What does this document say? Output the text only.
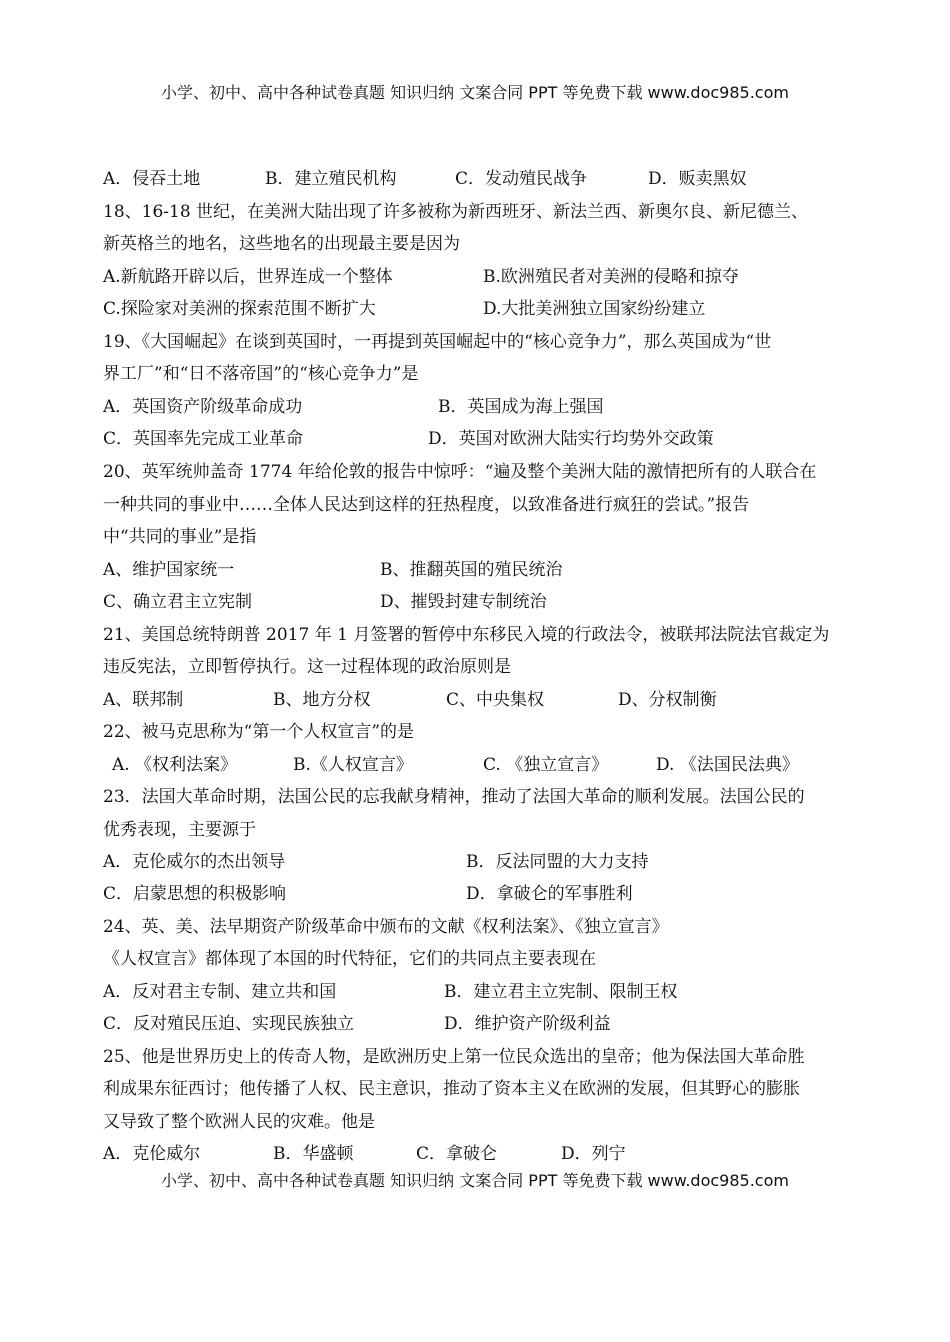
小学、初中、高中各种试卷真题 知识归纳 文案合同 PPT 等免费下载 www.doc985.com
A．侵吞土地	B．建立殖民机构	C．发动殖民战争	D．贩卖黑奴
18、16-18 世纪，在美洲大陆出现了许多被称为新西班牙、新法兰西、新奥尔良、新尼德兰、
新英格兰的地名，这些地名的出现最主要是因为
A.新航路开辟以后，世界连成一个整体	B.欧洲殖民者对美洲的侵略和掠夺
C.探险家对美洲的探索范围不断扩大	D.大批美洲独立国家纷纷建立
19、《大国崛起》在谈到英国时，一再提到英国崛起中的“核心竞争力”，那么英国成为“世
界工厂”和“日不落帝国”的“核心竞争力”是
A．英国资产阶级革命成功	B．英国成为海上强国
C．英国率先完成工业革命	D．英国对欧洲大陆实行均势外交政策
20、英军统帅盖奇 1774 年给伦敦的报告中惊呼：“遍及整个美洲大陆的激情把所有的人联合在
一种共同的事业中……全体人民达到这样的狂热程度，以致准备进行疯狂的尝试。”报告
中“共同的事业”是指
A、维护国家统一	B、推翻英国的殖民统治
C、确立君主立宪制	D、摧毁封建专制统治
21、美国总统特朗普 2017 年 1 月签署的暂停中东移民入境的行政法令，被联邦法院法官裁定为
违反宪法，立即暂停执行。这一过程体现的政治原则是
A、联邦制	B、地方分权	C、中央集权	D、分权制衡
22、被马克思称为“第一个人权宣言”的是
A. 《权利法案》	B.《人权宣言》	C. 《独立宣言》	D. 《法国民法典》
23．法国大革命时期，法国公民的忘我献身精神，推动了法国大革命的顺利发展。法国公民的
优秀表现，主要源于
A．克伦威尔的杰出领导	B．反法同盟的大力支持
C．启蒙思想的积极影响	D．拿破仑的军事胜利
24、英、美、法早期资产阶级革命中颁布的文献《权利法案》、《独立宣言》
《人权宣言》都体现了本国的时代特征，它们的共同点主要表现在
A．反对君主专制、建立共和国	B．建立君主立宪制、限制王权
C．反对殖民压迫、实现民族独立	D．维护资产阶级利益
25、他是世界历史上的传奇人物，是欧洲历史上第一位民众选出的皇帝；他为保法国大革命胜
利成果东征西讨；他传播了人权、民主意识，推动了资本主义在欧洲的发展，但其野心的膨胀
又导致了整个欧洲人民的灾难。他是
A．克伦威尔	B．华盛顿	C．拿破仑	D．列宁
小学、初中、高中各种试卷真题 知识归纳 文案合同 PPT 等免费下载 www.doc985.com
